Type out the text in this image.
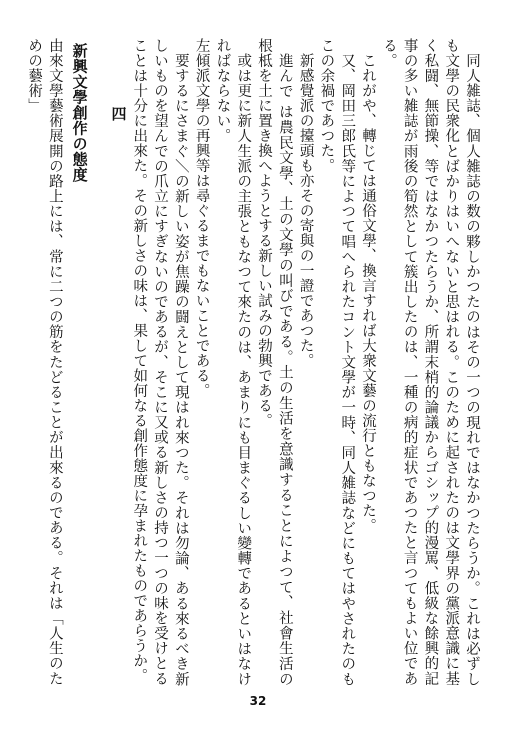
同人雑誌、個人雑誌の数の夥しかつたのはその一つの現れではなかつたらうか。これは必ずしも文學の民衆化とばかりはいへないと思はれる。このために起されたのは文學界の黨派意識に基く私闘、無節操、等ではなかつたらうか、所謂末梢的論議からゴシップ的漫罵、低級な餘興的記事の多い雑誌が雨後の筍然として簇出したのは、一種の病的症状であつたと言つてもよい位である。

これがや、轉じては通俗文學、換言すれば大衆文藝の流行ともなつた。

又、岡田三郎氏等によつて唱へられたコント文學が一時、同人雑誌などにもてはやされたのもこの余禍であつた。

新感覺派の擡頭も亦その寄與の一證であつた。

進んで は農民文學、土の文學の叫びである。土の生活を意識することによつて、社會生活の根柢を土に置き換へようとする新しい試みの勃興である。

或は更に新人生派の主張ともなつて來たのは、あまりにも目まぐるしい變轉であるといはなければならない。

左傾派文學の再興等は尋ぐるまでもないことである。

要するにさまぐ＼の新しい姿が焦躁の闘えとして現はれ來つた。それは勿論、ある來るべき新しいものを望んでの爪立にすぎないのであるが、そこに又或る新しさの持つ一つの味を受けとることは十分に出來た。その新しさの味は、果して如何なる創作態度に孕まれたものであらうか。

四
新興文學創作の態度

由來文學藝術展開の路上には、常に二つの筋をたどることが出來るのである。それは「人生のための藝術」

32
